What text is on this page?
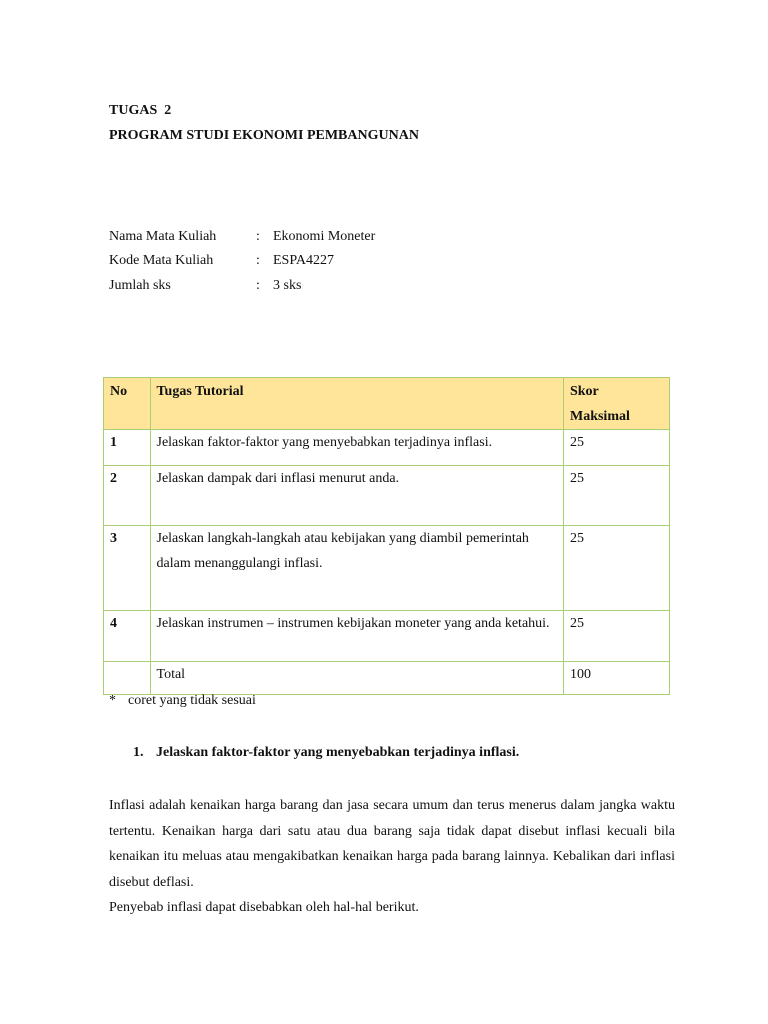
TUGAS  2
PROGRAM STUDI EKONOMI PEMBANGUNAN
Nama Mata Kuliah	: Ekonomi Moneter
Kode Mata Kuliah	: ESPA4227
Jumlah sks	: 3 sks
No	Tugas Tutorial	Skor
Maksimal
1	Jelaskan faktor-faktor yang menyebabkan terjadinya inflasi.	25
2	Jelaskan dampak dari inflasi menurut anda.	25
3	Jelaskan langkah-langkah atau kebijakan yang diambil pemerintah dalam menanggulangi inflasi.	25
4	Jelaskan instrumen – instrumen kebijakan moneter yang anda ketahui.	25
	Total	100
* coret yang tidak sesuai
1. Jelaskan faktor-faktor yang menyebabkan terjadinya inflasi.

Inflasi adalah kenaikan harga barang dan jasa secara umum dan terus menerus dalam jangka waktu tertentu. Kenaikan harga dari satu atau dua barang saja tidak dapat disebut inflasi kecuali bila kenaikan itu meluas atau mengakibatkan kenaikan harga pada barang lainnya. Kebalikan dari inflasi disebut deflasi.

Penyebab inflasi dapat disebabkan oleh hal-hal berikut.
